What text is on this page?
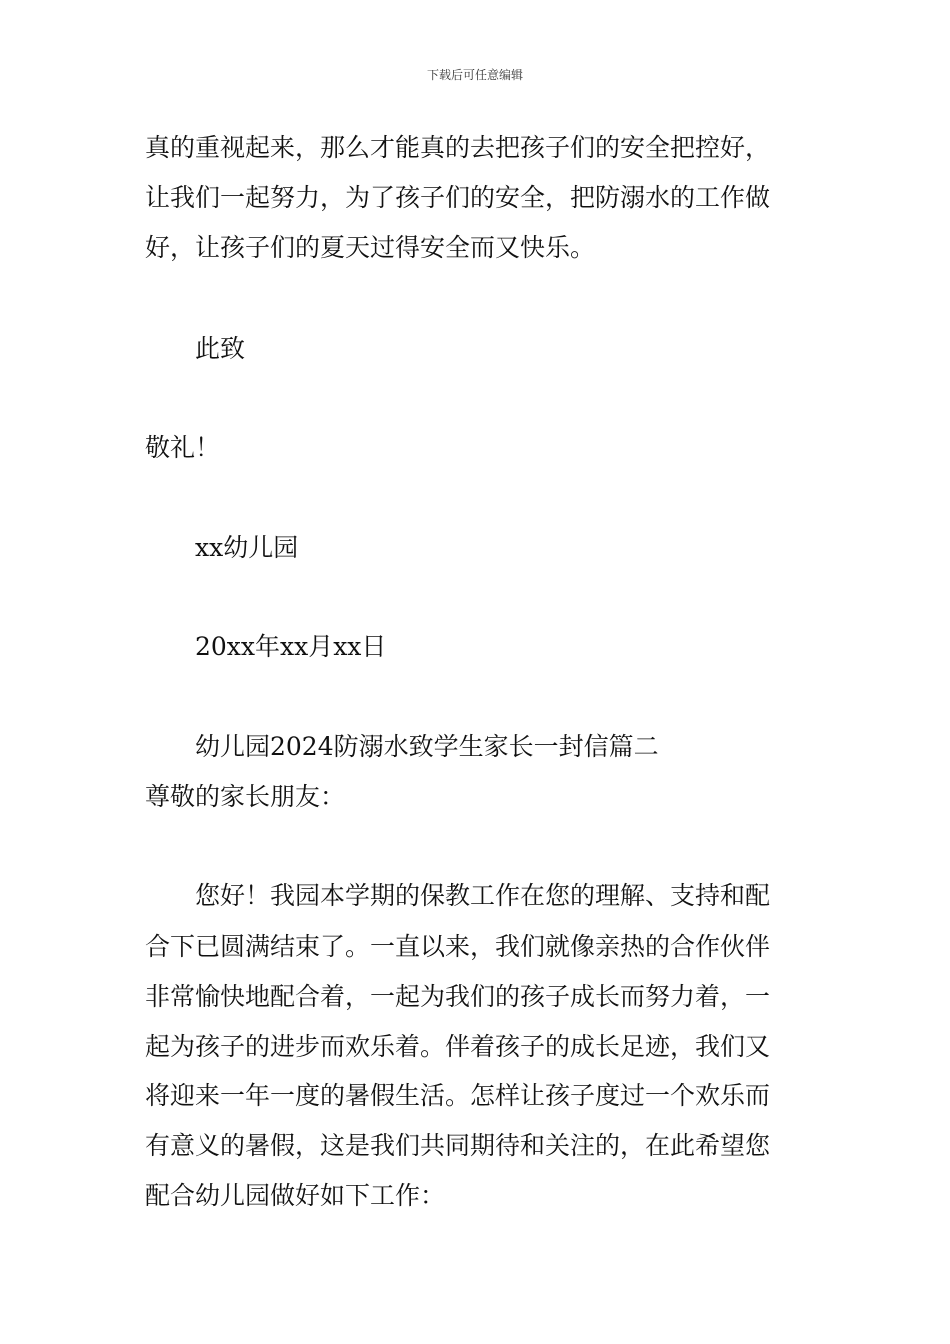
下载后可任意编辑
真的重视起来，那么才能真的去把孩子们的安全把控好，
让我们一起努力，为了孩子们的安全，把防溺水的工作做
好，让孩子们的夏天过得安全而又快乐。
此致
敬礼！
xx幼儿园
20xx年xx月xx日
幼儿园2024防溺水致学生家长一封信篇二
尊敬的家长朋友：
您好！我园本学期的保教工作在您的理解、支持和配
合下已圆满结束了。一直以来，我们就像亲热的合作伙伴
非常愉快地配合着，一起为我们的孩子成长而努力着，一
起为孩子的进步而欢乐着。伴着孩子的成长足迹，我们又
将迎来一年一度的暑假生活。怎样让孩子度过一个欢乐而
有意义的暑假，这是我们共同期待和关注的，在此希望您
配合幼儿园做好如下工作：
